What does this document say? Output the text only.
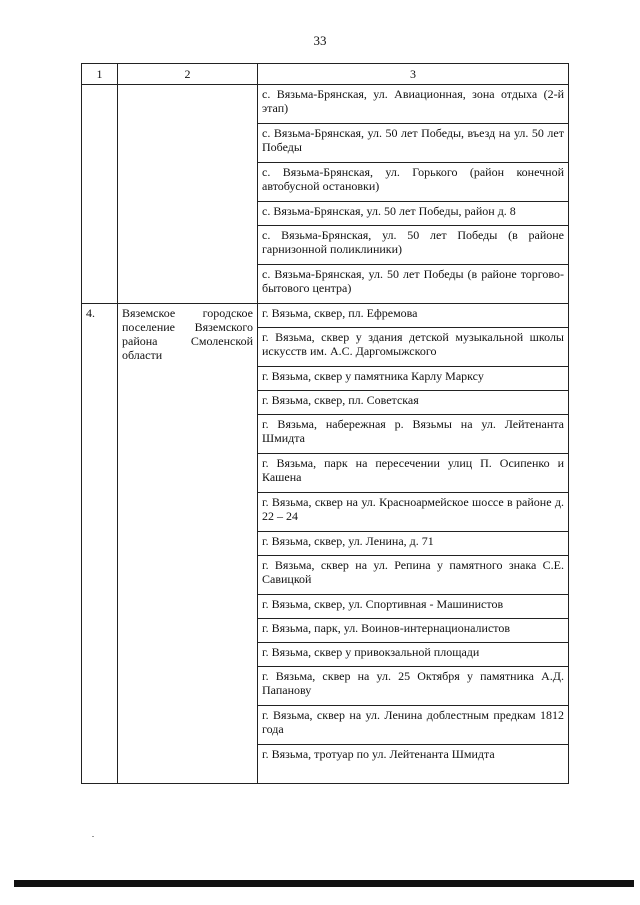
33
1	2	3
		с. Вязьма-Брянская, ул. Авиационная, зона отдыха (2-й этап)
		с. Вязьма-Брянская, ул. 50 лет Победы, въезд на ул. 50 лет Победы
		с. Вязьма-Брянская, ул. Горького (район конечной автобусной остановки)
		с. Вязьма-Брянская, ул. 50 лет Победы, район д. 8
		с. Вязьма-Брянская, ул. 50 лет Победы (в районе гарнизонной поликлиники)
		с. Вязьма-Брянская, ул. 50 лет Победы (в районе торгово-бытового центра)
4.	Вяземское городское поселение Вяземского района Смоленской области	г. Вязьма, сквер, пл. Ефремова
		г. Вязьма, сквер у здания детской музыкальной школы искусств им. А.С. Даргомыжского
		г. Вязьма, сквер у памятника Карлу Марксу
		г. Вязьма, сквер, пл. Советская
		г. Вязьма, набережная р. Вязьмы на ул. Лейтенанта Шмидта
		г. Вязьма, парк на пересечении улиц П. Осипенко и Кашена
		г. Вязьма, сквер на ул. Красноармейское шоссе в районе д. 22 – 24
		г. Вязьма, сквер, ул. Ленина, д. 71
		г. Вязьма, сквер на ул. Репина у памятного знака С.Е. Савицкой
		г. Вязьма, сквер, ул. Спортивная - Машинистов
		г. Вязьма, парк, ул. Воинов-интернационалистов
		г. Вязьма, сквер у привокзальной площади
		г. Вязьма, сквер на ул. 25 Октября у памятника А.Д. Папанову
		г. Вязьма, сквер на ул. Ленина доблестным предкам 1812 года
		г. Вязьма, тротуар по ул. Лейтенанта Шмидта
